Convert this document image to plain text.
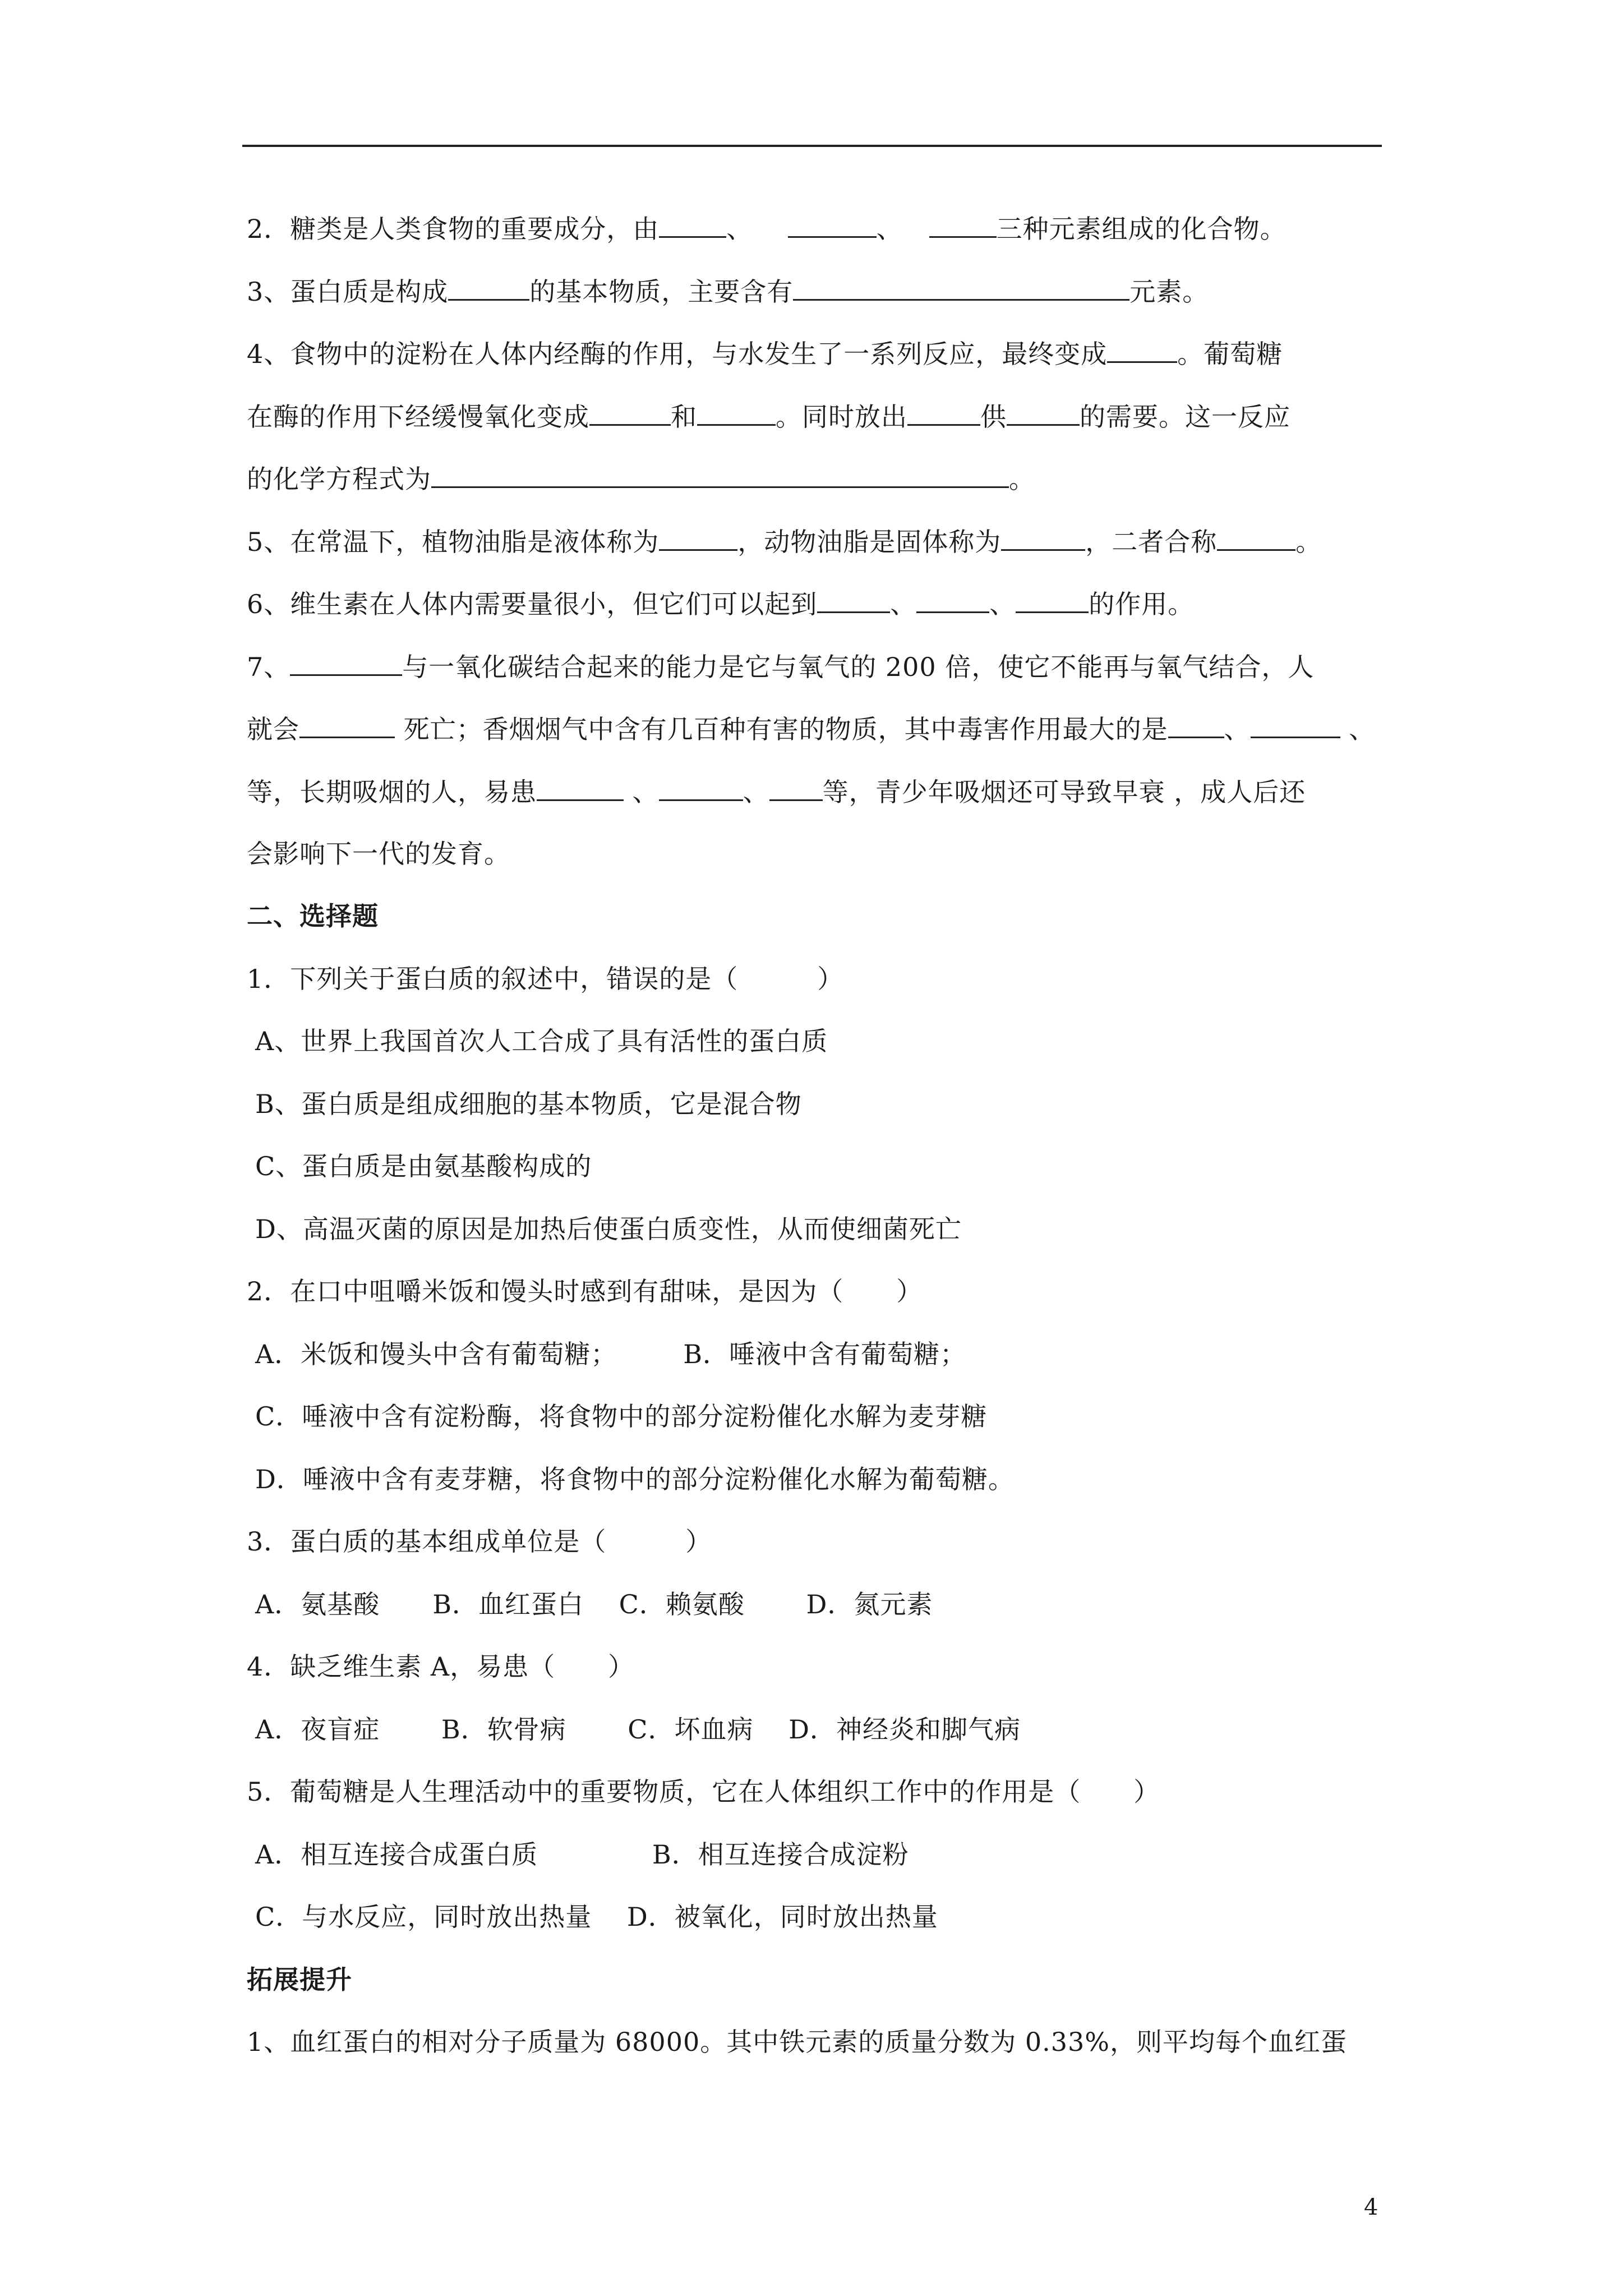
2．糖类是人类食物的重要成分，由	、	、	三种元素组成的化合物。
3、蛋白质是构成	的基本物质，主要含有	元素。
4、食物中的淀粉在人体内经酶的作用，与水发生了一系列反应，最终变成	。葡萄糖
在酶的作用下经缓慢氧化变成	和	。同时放出	供	的需要。这一反应
的化学方程式为	。
5、在常温下，植物油脂是液体称为	，动物油脂是固体称为	，二者合称	。
6、维生素在人体内需要量很小，但它们可以起到	、	、	的作用。
7、	与一氧化碳结合起来的能力是它与氧气的 200 倍，使它不能再与氧气结合，人
就会	死亡；香烟烟气中含有几百种有害的物质，其中毒害作用最大的是 、	、
等，长期吸烟的人，易患	、	、 等，青少年吸烟还可导致早衰 ，成人后还
会影响下一代的发育。
二、选择题
1．下列关于蛋白质的叙述中，错误的是（　　　）
A、世界上我国首次人工合成了具有活性的蛋白质
B、蛋白质是组成细胞的基本物质，它是混合物
C、蛋白质是由氨基酸构成的
D、高温灭菌的原因是加热后使蛋白质变性，从而使细菌死亡
2．在口中咀嚼米饭和馒头时感到有甜味，是因为（　　）
A．米饭和馒头中含有葡萄糖；　　　B．唾液中含有葡萄糖；
C．唾液中含有淀粉酶，将食物中的部分淀粉催化水解为麦芽糖
D．唾液中含有麦芽糖，将食物中的部分淀粉催化水解为葡萄糖。
3．蛋白质的基本组成单位是（　　　）
A．氨基酸　　B．血红蛋白　 C．赖氨酸　　 D．氮元素
4．缺乏维生素 A，易患（　　）
A．夜盲症　　 B．软骨病　　 C．坏血病　 D．神经炎和脚气病
5．葡萄糖是人生理活动中的重要物质，它在人体组织工作中的作用是（　　）
A．相互连接合成蛋白质　　　　 B．相互连接合成淀粉
C．与水反应，同时放出热量　 D．被氧化，同时放出热量
拓展提升
1、血红蛋白的相对分子质量为 68000。其中铁元素的质量分数为 0.33%，则平均每个血红蛋
4
